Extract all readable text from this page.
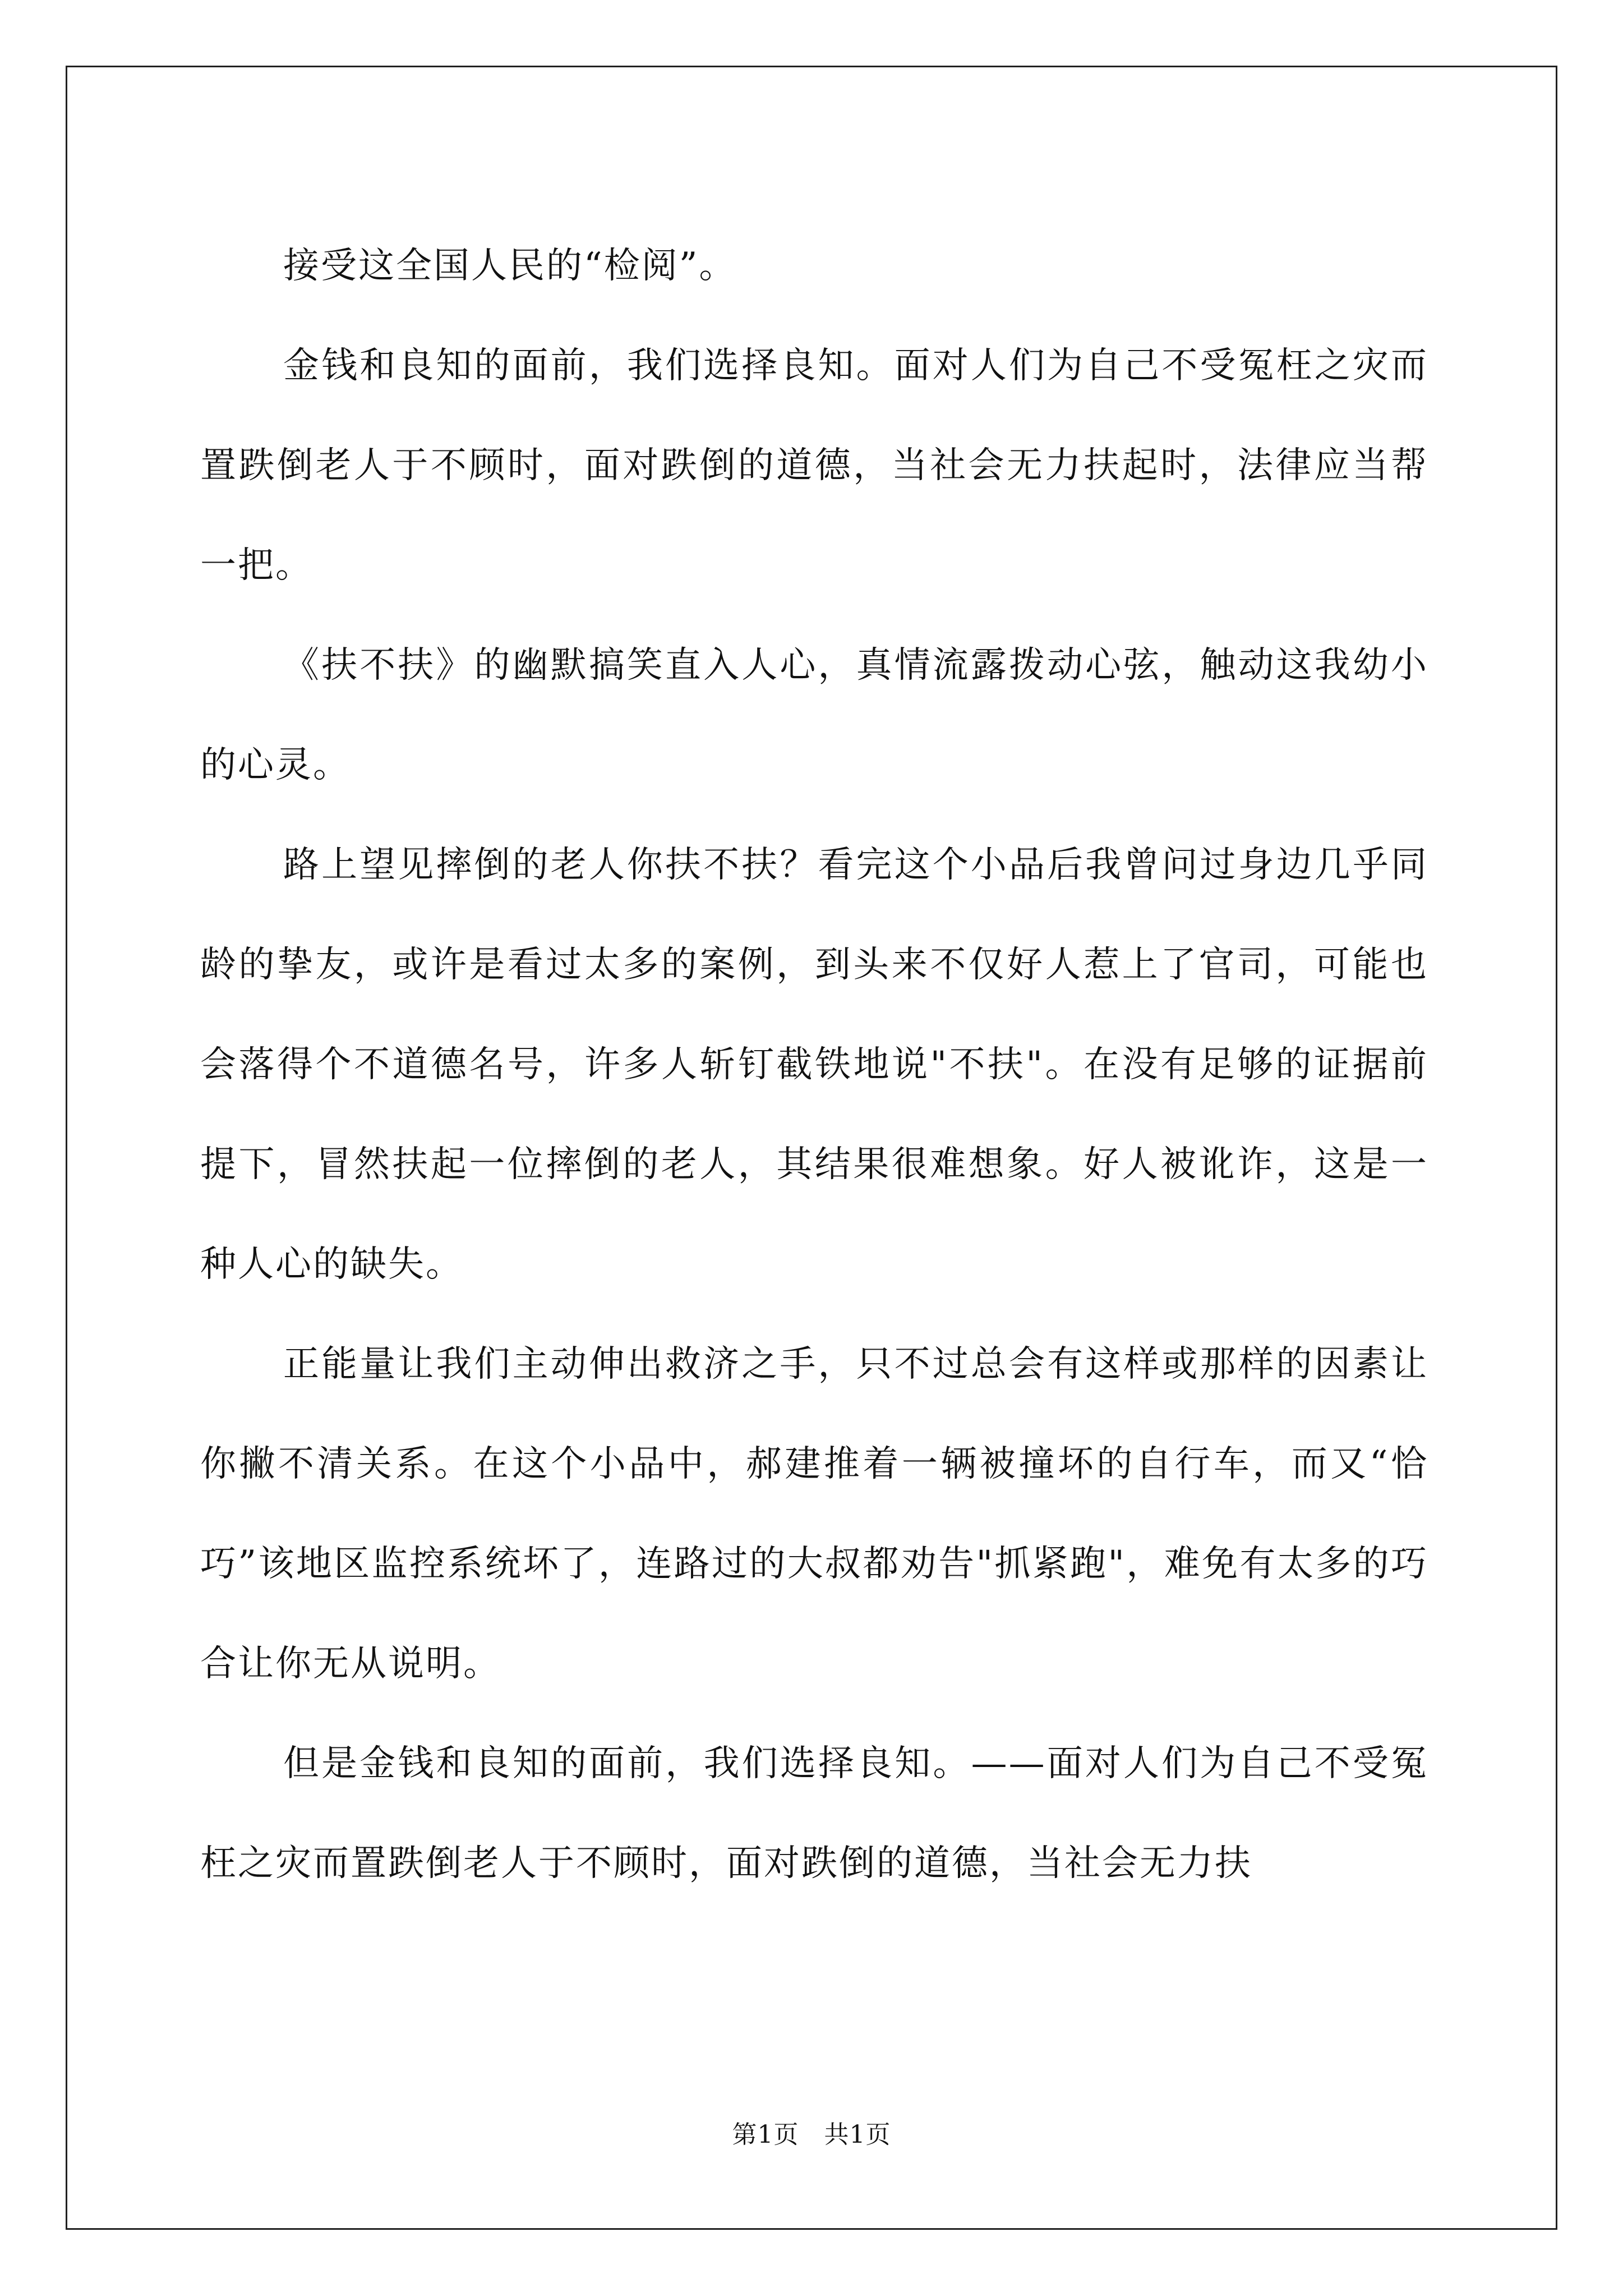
接受这全国人民的“检阅”。

金钱和良知的面前，我们选择良知。面对人们为自己不受冤枉之灾而置跌倒老人于不顾时，面对跌倒的道德，当社会无力扶起时，法律应当帮一把。

《扶不扶》的幽默搞笑直入人心，真情流露拨动心弦，触动这我幼小的心灵。

路上望见摔倒的老人你扶不扶？看完这个小品后我曾问过身边几乎同龄的挚友，或许是看过太多的案例，到头来不仅好人惹上了官司，可能也会落得个不道德名号，许多人斩钉截铁地说"不扶"。在没有足够的证据前提下，冒然扶起一位摔倒的老人，其结果很难想象。好人被讹诈，这是一种人心的缺失。

正能量让我们主动伸出救济之手，只不过总会有这样或那样的因素让你撇不清关系。在这个小品中，郝建推着一辆被撞坏的自行车，而又“恰巧”该地区监控系统坏了，连路过的大叔都劝告"抓紧跑"，难免有太多的巧合让你无从说明。

但是金钱和良知的面前，我们选择良知。——面对人们为自己不受冤枉之灾而置跌倒老人于不顾时，面对跌倒的道德，当社会无力扶

第1页　共1页
